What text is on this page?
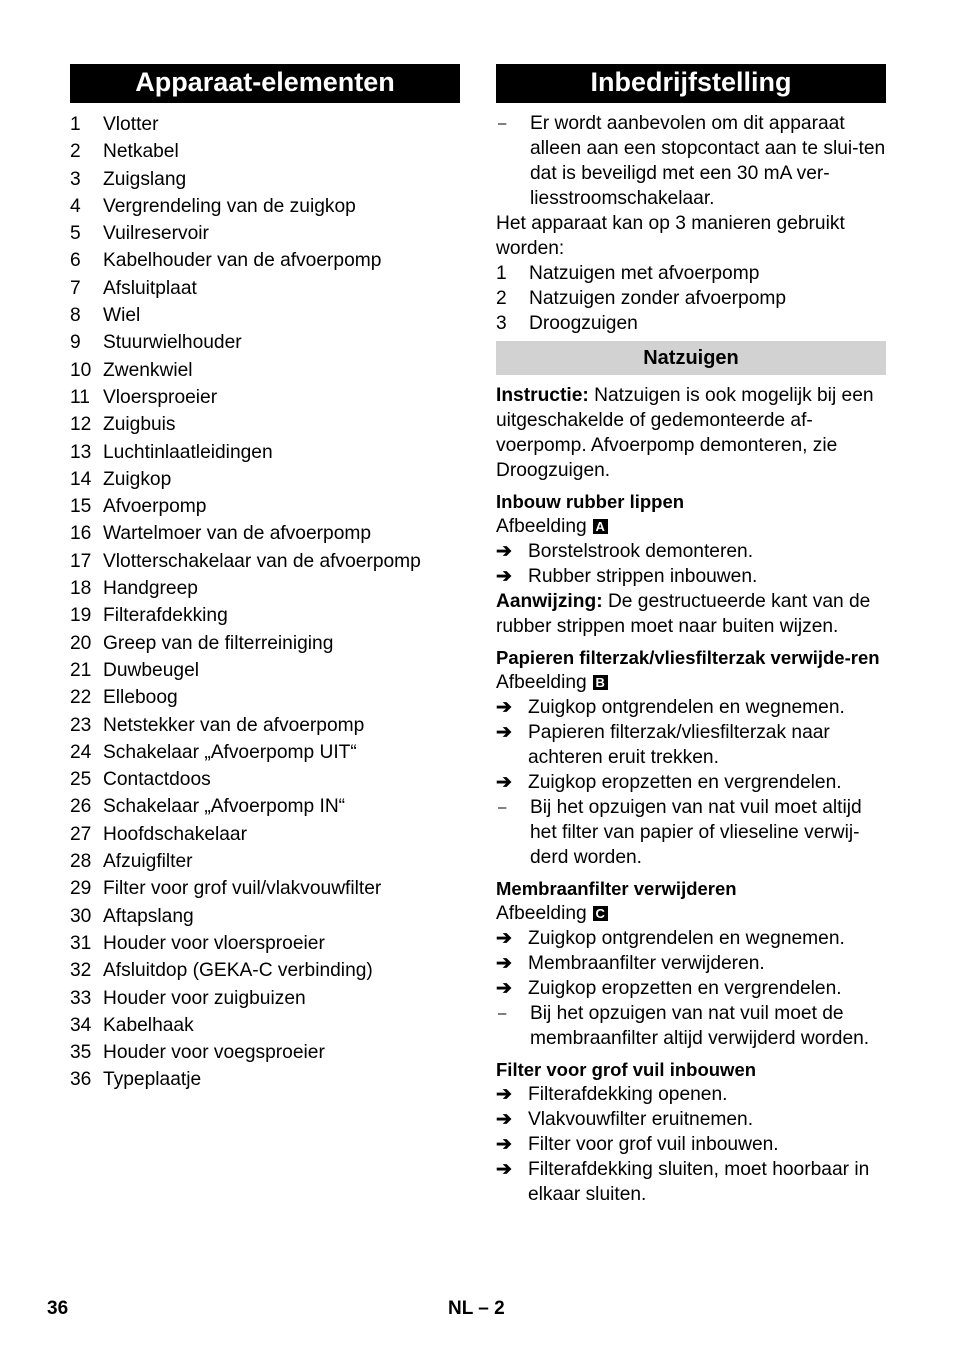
Apparaat-elementen
1	Vlotter
2	Netkabel
3	Zuigslang
4	Vergrendeling van de zuigkop
5	Vuilreservoir
6	Kabelhouder van de afvoerpomp
7	Afsluitplaat
8	Wiel
9	Stuurwielhouder
10 Zwenkwiel
11 Vloersproeier
12 Zuigbuis
13 Luchtinlaatleidingen
14 Zuigkop
15 Afvoerpomp
16 Wartelmoer van de afvoerpomp
17 Vlotterschakelaar van de afvoerpomp
18 Handgreep
19 Filterafdekking
20 Greep van de filterreiniging
21 Duwbeugel
22 Elleboog
23 Netstekker van de afvoerpomp
24 Schakelaar „Afvoerpomp UIT“
25 Contactdoos
26 Schakelaar „Afvoerpomp IN“
27 Hoofdschakelaar
28 Afzuigfilter
29 Filter voor grof vuil/vlakvouwfilter
30 Aftapslang
31 Houder voor vloersproeier
32 Afsluitdop (GEKA-C verbinding)
33 Houder voor zuigbuizen
34 Kabelhaak
35 Houder voor voegsproeier
36 Typeplaatje
Inbedrijfstelling
–	Er wordt aanbevolen om dit apparaat alleen aan een stopcontact aan te slui-ten dat is beveiligd met een 30 mA ver-liesstroomschakelaar.
Het apparaat kan op 3 manieren gebruikt worden:
1	Natzuigen met afvoerpomp
2	Natzuigen zonder afvoerpomp
3	Droogzuigen
Natzuigen
Instructie: Natzuigen is ook mogelijk bij een uitgeschakelde of gedemonteerde af-voerpomp. Afvoerpomp demonteren, zie Droogzuigen.
Inbouw rubber lippen
Afbeelding A
➔ Borstelstrook demonteren.
➔ Rubber strippen inbouwen.
Aanwijzing: De gestructueerde kant van de rubber strippen moet naar buiten wijzen.
Papieren filterzak/vliesfilterzak verwijde-ren
Afbeelding B
➔ Zuigkop ontgrendelen en wegnemen.
➔ Papieren filterzak/vliesfilterzak naar achteren eruit trekken.
➔ Zuigkop eropzetten en vergrendelen.
–	Bij het opzuigen van nat vuil moet altijd het filter van papier of vlieseline verwij-derd worden.
Membraanfilter verwijderen
Afbeelding C
➔ Zuigkop ontgrendelen en wegnemen.
➔ Membraanfilter verwijderen.
➔ Zuigkop eropzetten en vergrendelen.
–	Bij het opzuigen van nat vuil moet de membraanfilter altijd verwijderd worden.
Filter voor grof vuil inbouwen
➔ Filterafdekking openen.
➔ Vlakvouwfilter eruitnemen.
➔ Filter voor grof vuil inbouwen.
➔ Filterafdekking sluiten, moet hoorbaar in elkaar sluiten.
36	NL – 2
